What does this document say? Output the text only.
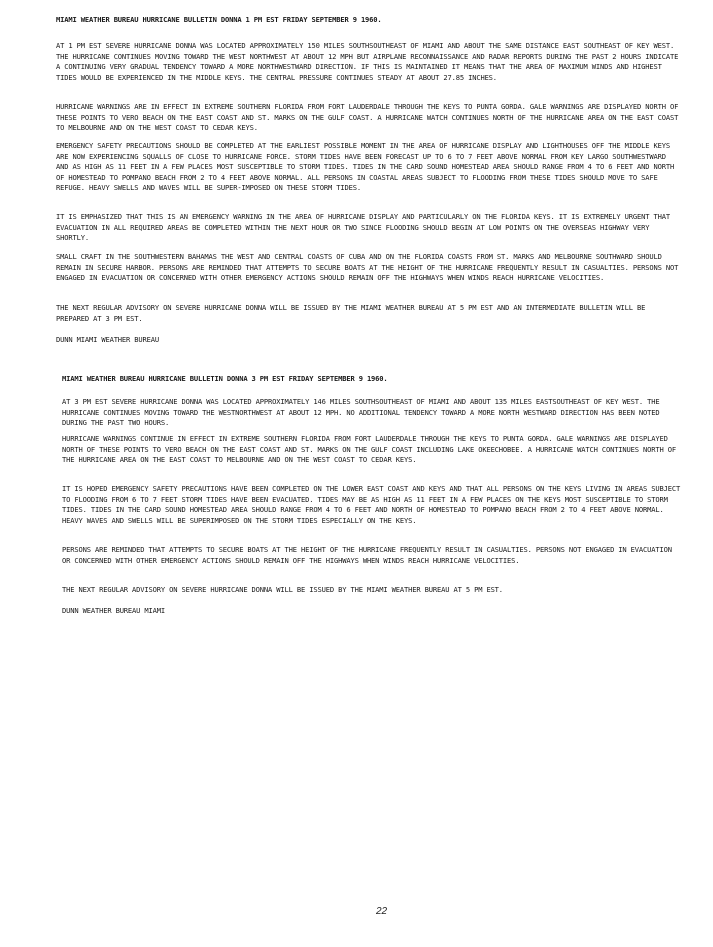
MIAMI WEATHER BUREAU HURRICANE BULLETIN DONNA 1 PM EST FRIDAY SEPTEMBER 9 1960.

AT 1 PM EST SEVERE HURRICANE DONNA WAS LOCATED APPROXIMATELY 150 MILES SOUTHSOUTHEAST OF MIAMI AND ABOUT THE SAME DISTANCE EAST SOUTHEAST OF KEY WEST. THE HURRICANE CONTINUES MOVING TOWARD THE WEST NORTHWEST AT ABOUT 12 MPH BUT AIRPLANE RECONNAISSANCE AND RADAR REPORTS DURING THE PAST 2 HOURS INDICATE A CONTINUING VERY GRADUAL TENDENCY TOWARD A MORE NORTHWESTWARD DIRECTION. IF THIS IS MAINTAINED IT MEANS THAT THE AREA OF MAXIMUM WINDS AND HIGHEST TIDES WOULD BE EXPERIENCED IN THE MIDDLE KEYS. THE CENTRAL PRESSURE CONTINUES STEADY AT ABOUT 27.85 INCHES.

HURRICANE WARNINGS ARE IN EFFECT IN EXTREME SOUTHERN FLORIDA FROM FORT LAUDERDALE THROUGH THE KEYS TO PUNTA GORDA. GALE WARNINGS ARE DISPLAYED NORTH OF THESE POINTS TO VERO BEACH ON THE EAST COAST AND ST. MARKS ON THE GULF COAST. A HURRICANE WATCH CONTINUES NORTH OF THE HURRICANE AREA ON THE EAST COAST TO MELBOURNE AND ON THE WEST COAST TO CEDAR KEYS.

EMERGENCY SAFETY PRECAUTIONS SHOULD BE COMPLETED AT THE EARLIEST POSSIBLE MOMENT IN THE AREA OF HURRICANE DISPLAY AND LIGHTHOUSES OFF THE MIDDLE KEYS ARE NOW EXPERIENCING SQUALLS OF CLOSE TO HURRICANE FORCE. STORM TIDES HAVE BEEN FORECAST UP TO 6 TO 7 FEET ABOVE NORMAL FROM KEY LARGO SOUTHWESTWARD AND AS HIGH AS 11 FEET IN A FEW PLACES MOST SUSCEPTIBLE TO STORM TIDES. TIDES IN THE CARD SOUND HOMESTEAD AREA SHOULD RANGE FROM 4 TO 6 FEET AND NORTH OF HOMESTEAD TO POMPANO BEACH FROM 2 TO 4 FEET ABOVE NORMAL. ALL PERSONS IN COASTAL AREAS SUBJECT TO FLOODING FROM THESE TIDES SHOULD MOVE TO SAFE REFUGE. HEAVY SWELLS AND WAVES WILL BE SUPER-IMPOSED ON THESE STORM TIDES.

IT IS EMPHASIZED THAT THIS IS AN EMERGENCY WARNING IN THE AREA OF HURRICANE DISPLAY AND PARTICULARLY ON THE FLORIDA KEYS. IT IS EXTREMELY URGENT THAT EVACUATION IN ALL REQUIRED AREAS BE COMPLETED WITHIN THE NEXT HOUR OR TWO SINCE FLOODING SHOULD BEGIN AT LOW POINTS ON THE OVERSEAS HIGHWAY VERY SHORTLY.

SMALL CRAFT IN THE SOUTHWESTERN BAHAMAS THE WEST AND CENTRAL COASTS OF CUBA AND ON THE FLORIDA COASTS FROM ST. MARKS AND MELBOURNE SOUTHWARD SHOULD REMAIN IN SECURE HARBOR. PERSONS ARE REMINDED THAT ATTEMPTS TO SECURE BOATS AT THE HEIGHT OF THE HURRICANE FREQUENTLY RESULT IN CASUALTIES. PERSONS NOT ENGAGED IN EVACUATION OR CONCERNED WITH OTHER EMERGENCY ACTIONS SHOULD REMAIN OFF THE HIGHWAYS WHEN WINDS REACH HURRICANE VELOCITIES.

THE NEXT REGULAR ADVISORY ON SEVERE HURRICANE DONNA WILL BE ISSUED BY THE MIAMI WEATHER BUREAU AT 5 PM EST AND AN INTERMEDIATE BULLETIN WILL BE PREPARED AT 3 PM EST.

DUNN MIAMI WEATHER BUREAU

MIAMI WEATHER BUREAU HURRICANE BULLETIN DONNA 3 PM EST FRIDAY SEPTEMBER 9 1960.

AT 3 PM EST SEVERE HURRICANE DONNA WAS LOCATED APPROXIMATELY 146 MILES SOUTHSOUTHEAST OF MIAMI AND ABOUT 135 MILES EASTSOUTHEAST OF KEY WEST. THE HURRICANE CONTINUES MOVING TOWARD THE WESTNORTHWEST AT ABOUT 12 MPH. NO ADDITIONAL TENDENCY TOWARD A MORE NORTH WESTWARD DIRECTION HAS BEEN NOTED DURING THE PAST TWO HOURS.

HURRICANE WARNINGS CONTINUE IN EFFECT IN EXTREME SOUTHERN FLORIDA FROM FORT LAUDERDALE THROUGH THE KEYS TO PUNTA GORDA. GALE WARNINGS ARE DISPLAYED NORTH OF THESE POINTS TO VERO BEACH ON THE EAST COAST AND ST. MARKS ON THE GULF COAST INCLUDING LAKE OKEECHOBEE. A HURRICANE WATCH CONTINUES NORTH OF THE HURRICANE AREA ON THE EAST COAST TO MELBOURNE AND ON THE WEST COAST TO CEDAR KEYS.

IT IS HOPED EMERGENCY SAFETY PRECAUTIONS HAVE BEEN COMPLETED ON THE LOWER EAST COAST AND KEYS AND THAT ALL PERSONS ON THE KEYS LIVING IN AREAS SUBJECT TO FLOODING FROM 6 TO 7 FEET STORM TIDES HAVE BEEN EVACUATED. TIDES MAY BE AS HIGH AS 11 FEET IN A FEW PLACES ON THE KEYS MOST SUSCEPTIBLE TO STORM TIDES. TIDES IN THE CARD SOUND HOMESTEAD AREA SHOULD RANGE FROM 4 TO 6 FEET AND NORTH OF HOMESTEAD TO POMPANO BEACH FROM 2 TO 4 FEET ABOVE NORMAL. HEAVY WAVES AND SWELLS WILL BE SUPERIMPOSED ON THE STORM TIDES ESPECIALLY ON THE KEYS.

PERSONS ARE REMINDED THAT ATTEMPTS TO SECURE BOATS AT THE HEIGHT OF THE HURRICANE FREQUENTLY RESULT IN CASUALTIES. PERSONS NOT ENGAGED IN EVACUATION OR CONCERNED WITH OTHER EMERGENCY ACTIONS SHOULD REMAIN OFF THE HIGHWAYS WHEN WINDS REACH HURRICANE VELOCITIES.

THE NEXT REGULAR ADVISORY ON SEVERE HURRICANE DONNA WILL BE ISSUED BY THE MIAMI WEATHER BUREAU AT 5 PM EST.

DUNN WEATHER BUREAU MIAMI

22
